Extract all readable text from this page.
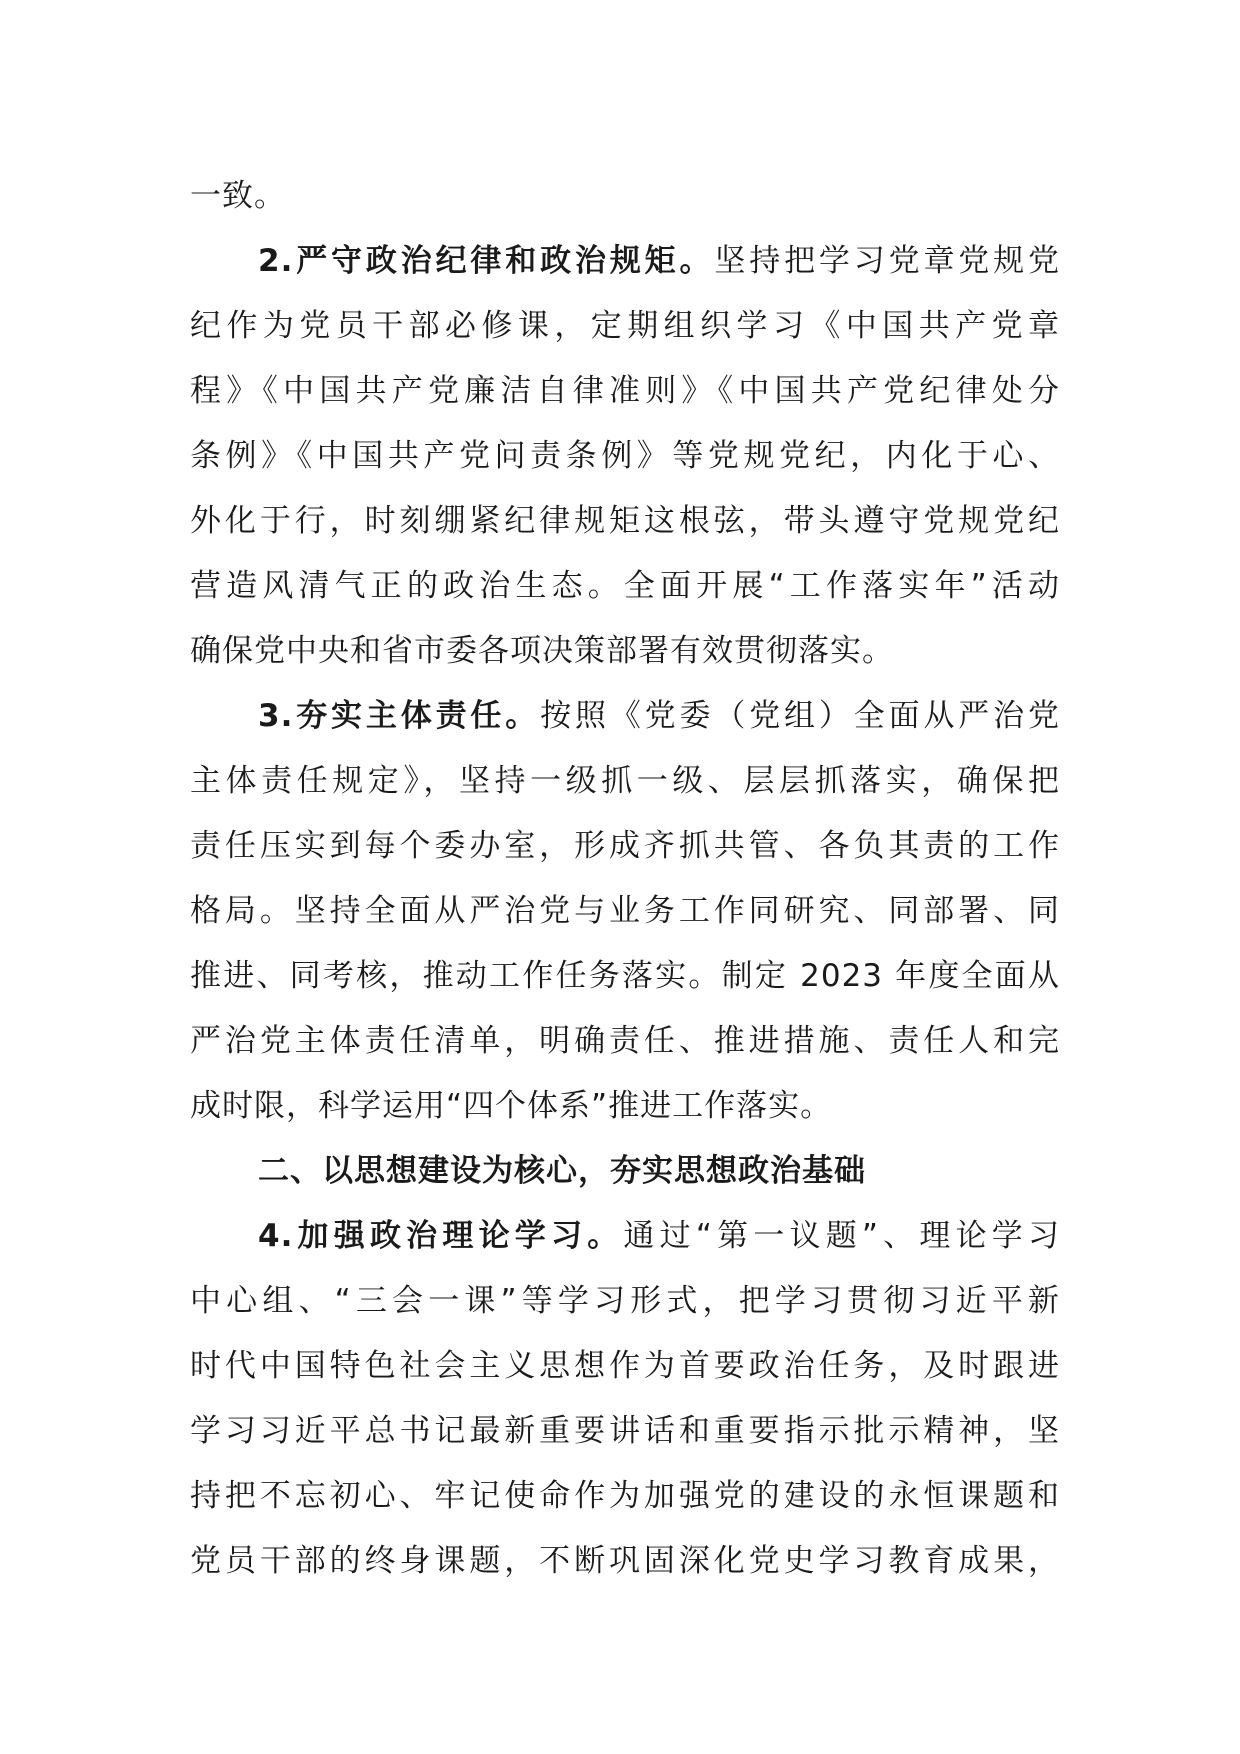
一致。
2.严守政治纪律和政治规矩。坚持把学习党章党规党
纪作为党员干部必修课，定期组织学习《中国共产党章
程》《中国共产党廉洁自律准则》《中国共产党纪律处分
条例》《中国共产党问责条例》等党规党纪，内化于心、
外化于行，时刻绷紧纪律规矩这根弦，带头遵守党规党纪
营造风清气正的政治生态。全面开展“工作落实年”活动
确保党中央和省市委各项决策部署有效贯彻落实。
3.夯实主体责任。按照《党委（党组）全面从严治党
主体责任规定》，坚持一级抓一级、层层抓落实，确保把
责任压实到每个委办室，形成齐抓共管、各负其责的工作
格局。坚持全面从严治党与业务工作同研究、同部署、同
推进、同考核，推动工作任务落实。制定 2023 年度全面从
严治党主体责任清单，明确责任、推进措施、责任人和完
成时限，科学运用“四个体系”推进工作落实。
二、以思想建设为核心，夯实思想政治基础
4.加强政治理论学习。通过“第一议题”、理论学习
中心组、“三会一课”等学习形式，把学习贯彻习近平新
时代中国特色社会主义思想作为首要政治任务，及时跟进
学习习近平总书记最新重要讲话和重要指示批示精神，坚
持把不忘初心、牢记使命作为加强党的建设的永恒课题和
党员干部的终身课题，不断巩固深化党史学习教育成果，
